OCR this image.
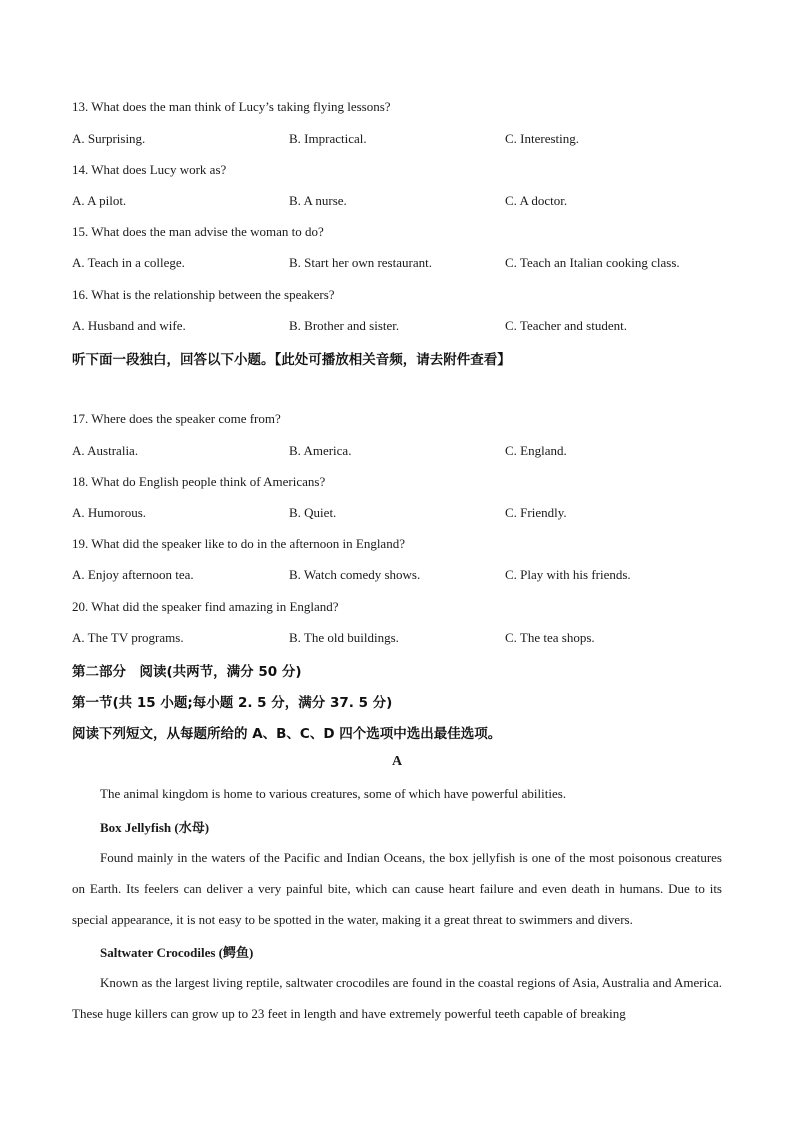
13. What does the man think of Lucy’s taking flying lessons?
A. Surprising.	B. Impractical.	C. Interesting.
14. What does Lucy work as?
A. A pilot.	B. A nurse.	C. A doctor.
15. What does the man advise the woman to do?
A. Teach in a college.	B. Start her own restaurant.	C. Teach an Italian cooking class.
16. What is the relationship between the speakers?
A. Husband and wife.	B. Brother and sister.	C. Teacher and student.
听下面一段独白，回答以下小题。【此处可播放相关音频，请去附件查看】
17. Where does the speaker come from?
A. Australia.	B. America.	C. England.
18. What do English people think of Americans?
A. Humorous.	B. Quiet.	C. Friendly.
19. What did the speaker like to do in the afternoon in England?
A. Enjoy afternoon tea.	B. Watch comedy shows.	C. Play with his friends.
20. What did the speaker find amazing in England?
A. The TV programs.	B. The old buildings.	C. The tea shops.
第二部分　阅读(共两节，满分 50 分)
第一节(共 15 小题;每小题 2. 5 分，满分 37. 5 分)
阅读下列短文，从每题所给的 A、B、C、D 四个选项中选出最佳选项。
A
The animal kingdom is home to various creatures, some of which have powerful abilities.
Box Jellyfish (水母)
Found mainly in the waters of the Pacific and Indian Oceans, the box jellyfish is one of the most poisonous creatures on Earth. Its feelers can deliver a very painful bite, which can cause heart failure and even death in humans. Due to its special appearance, it is not easy to be spotted in the water, making it a great threat to swimmers and divers.
Saltwater Crocodiles (鳄鱼)
Known as the largest living reptile, saltwater crocodiles are found in the coastal regions of Asia, Australia and America. These huge killers can grow up to 23 feet in length and have extremely powerful teeth capable of breaking
